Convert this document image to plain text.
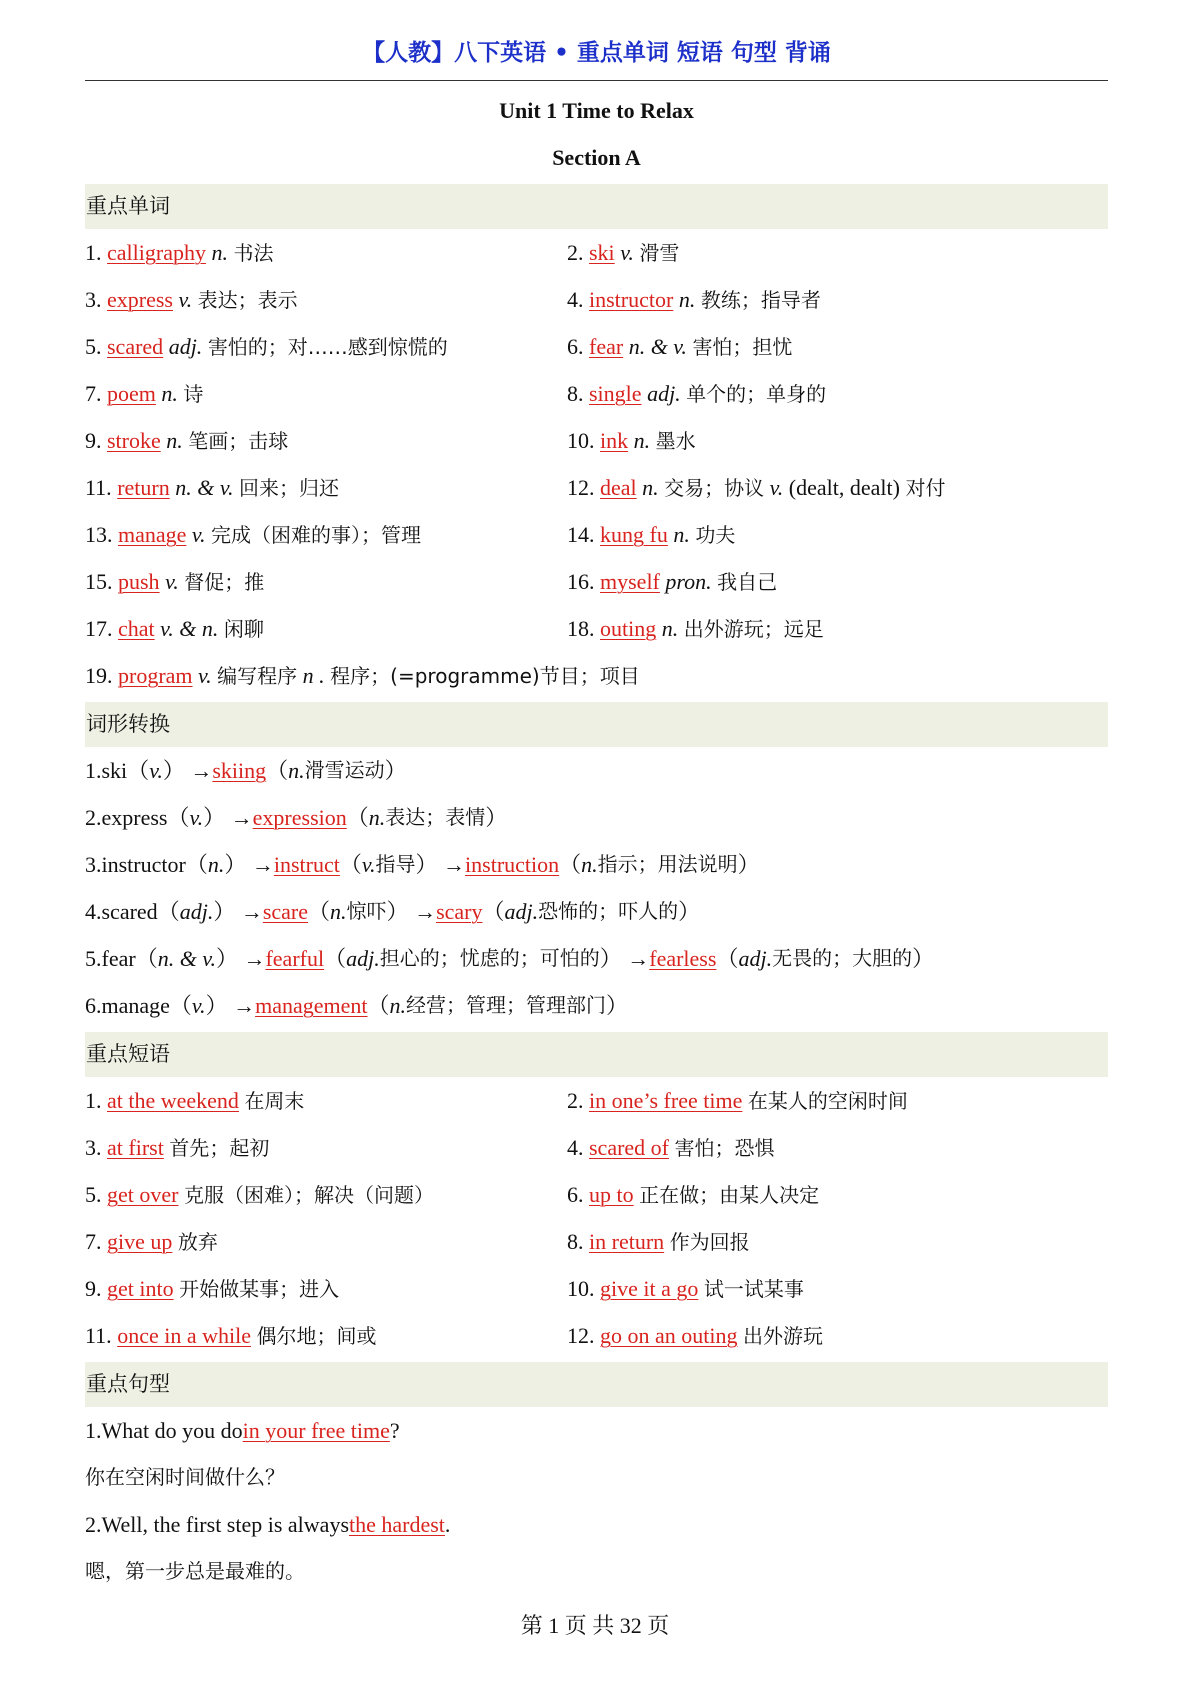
【人教】八下英语 • 重点单词 短语 句型 背诵
Unit 1 Time to Relax
Section A
重点单词
1. calligraphy n. 书法	2. ski v. 滑雪
3. express v. 表达；表示	4. instructor n. 教练；指导者
5. scared adj. 害怕的；对……感到惊慌的	6. fear n. & v. 害怕；担忧
7. poem n. 诗	8. single adj. 单个的；单身的
9. stroke n. 笔画；击球	10. ink n. 墨水
11. return n. & v. 回来；归还	12. deal n. 交易；协议 v. (dealt, dealt) 对付
13. manage v. 完成（困难的事）；管理	14. kung fu n. 功夫
15. push v. 督促；推	16. myself pron. 我自己
17. chat v. & n. 闲聊	18. outing n. 出外游玩；远足
19. program v. 编写程序 n . 程序；(=programme)节目；项目
词形转换
1. ski （ v. ） → skiing （ n. 滑雪运动 ）
2. express （ v. ） → expression （ n. 表达；表情 ）
3. instructor （ n. ） → instruct （ v. 指导 ） → instruction （ n. 指示；用法说明 ）
4. scared （ adj. ） → scare （ n. 惊吓 ） → scary （ adj. 恐怖的；吓人的 ）
5. fear （ n. & v. ） → fearful （ adj. 担心的；忧虑的；可怕的 ） → fearless （ adj. 无畏的；大胆的 ）
6. manage （ v. ） → management （ n. 经营；管理；管理部门 ）
重点短语
1. at the weekend 在周末	2. in one’s free time 在某人的空闲时间
3. at first 首先；起初	4. scared of 害怕；恐惧
5. get over 克服（困难）；解决（问题）	6. up to 正在做；由某人决定
7. give up 放弃	8. in return 作为回报
9. get into 开始做某事；进入	10. give it a go 试一试某事
11. once in a while 偶尔地；间或	12. go on an outing 出外游玩
重点句型
1. What do you do in your free time ?
你在空闲时间做什么？
2. Well, the first step is always the hardest .
嗯，第一步总是最难的。
第 1 页 共 32 页
